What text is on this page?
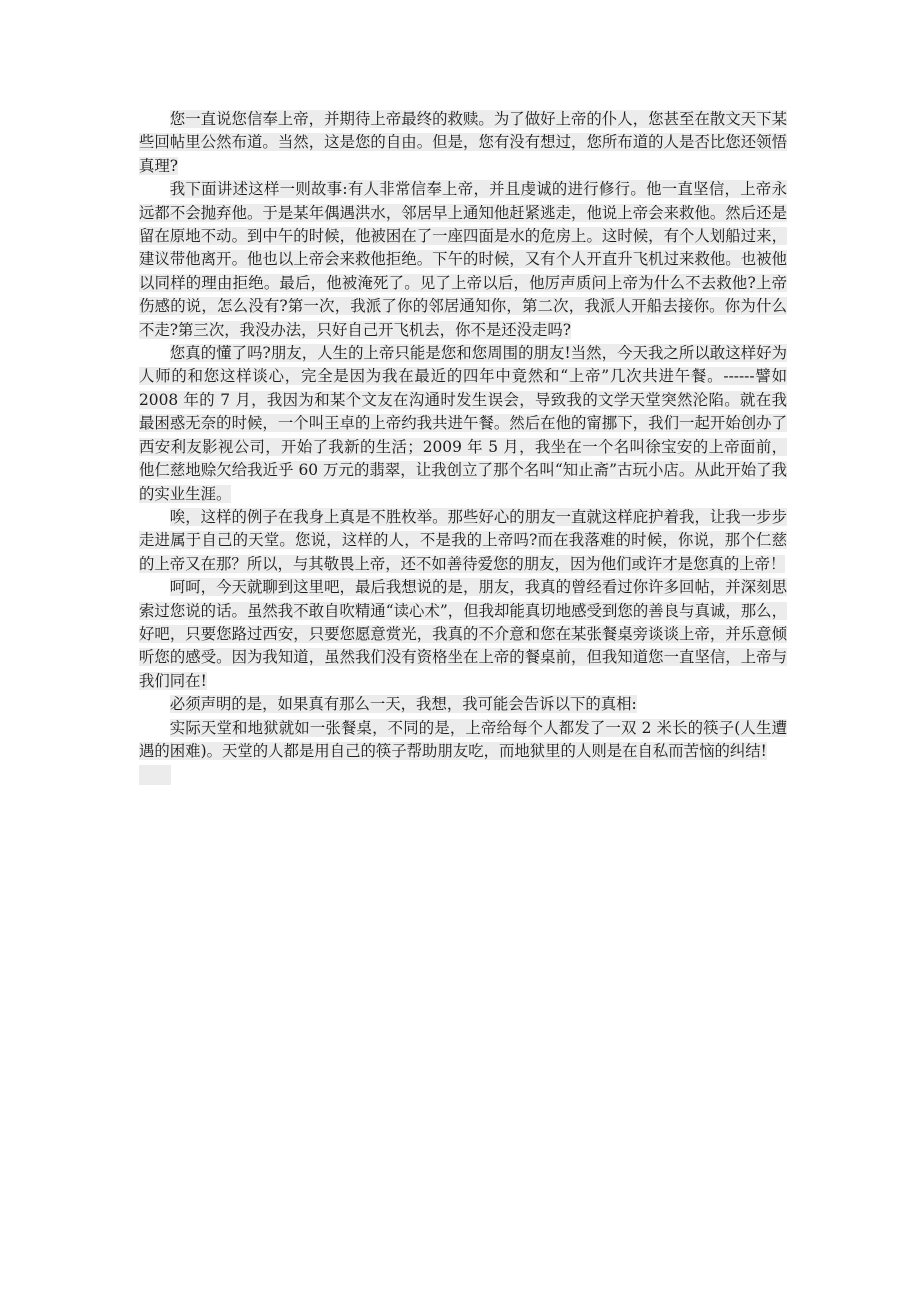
您一直说您信奉上帝，并期待上帝最终的救赎。为了做好上帝的仆人，您甚至在散文天下某些回帖里公然布道。当然，这是您的自由。但是，您有没有想过，您所布道的人是否比您还领悟真理?

我下面讲述这样一则故事:有人非常信奉上帝，并且虔诚的进行修行。他一直坚信，上帝永远都不会抛弃他。于是某年偶遇洪水，邻居早上通知他赶紧逃走，他说上帝会来救他。然后还是留在原地不动。到中午的时候，他被困在了一座四面是水的危房上。这时候，有个人划船过来，建议带他离开。他也以上帝会来救他拒绝。下午的时候，又有个人开直升飞机过来救他。也被他以同样的理由拒绝。最后，他被淹死了。见了上帝以后，他厉声质问上帝为什么不去救他?上帝伤感的说，怎么没有?第一次，我派了你的邻居通知你，第二次，我派人开船去接你。你为什么不走?第三次，我没办法，只好自己开飞机去，你不是还没走吗?

您真的懂了吗?朋友，人生的上帝只能是您和您周围的朋友!当然，今天我之所以敢这样好为人师的和您这样谈心，完全是因为我在最近的四年中竟然和“上帝”几次共进午餐。------譬如 2008 年的 7 月，我因为和某个文友在沟通时发生误会，导致我的文学天堂突然沦陷。就在我最困惑无奈的时候，一个叫王卓的上帝约我共进午餐。然后在他的甯挪下，我们一起开始创办了西安利友影视公司，开始了我新的生活；2009 年 5 月，我坐在一个名叫徐宝安的上帝面前，他仁慈地赊欠给我近乎 60 万元的翡翠，让我创立了那个名叫“知止斋”古玩小店。从此开始了我的实业生涯。

唉，这样的例子在我身上真是不胜枚举。那些好心的朋友一直就这样庇护着我，让我一步步走进属于自己的天堂。您说，这样的人，不是我的上帝吗?而在我落难的时候，你说，那个仁慈的上帝又在那？所以，与其敬畏上帝，还不如善待爱您的朋友，因为他们或许才是您真的上帝！

呵呵，今天就聊到这里吧，最后我想说的是，朋友，我真的曾经看过你许多回帖，并深刻思索过您说的话。虽然我不敢自吹精通“读心术”，但我却能真切地感受到您的善良与真诚，那么，好吧，只要您路过西安，只要您愿意赏光，我真的不介意和您在某张餐桌旁谈谈上帝，并乐意倾听您的感受。因为我知道，虽然我们没有资格坐在上帝的餐桌前，但我知道您一直坚信，上帝与我们同在!

必须声明的是，如果真有那么一天，我想，我可能会告诉以下的真相:

实际天堂和地狱就如一张餐桌，不同的是，上帝给每个人都发了一双 2 米长的筷子(人生遭遇的困难)。天堂的人都是用自己的筷子帮助朋友吃，而地狱里的人则是在自私而苦恼的纠结!
